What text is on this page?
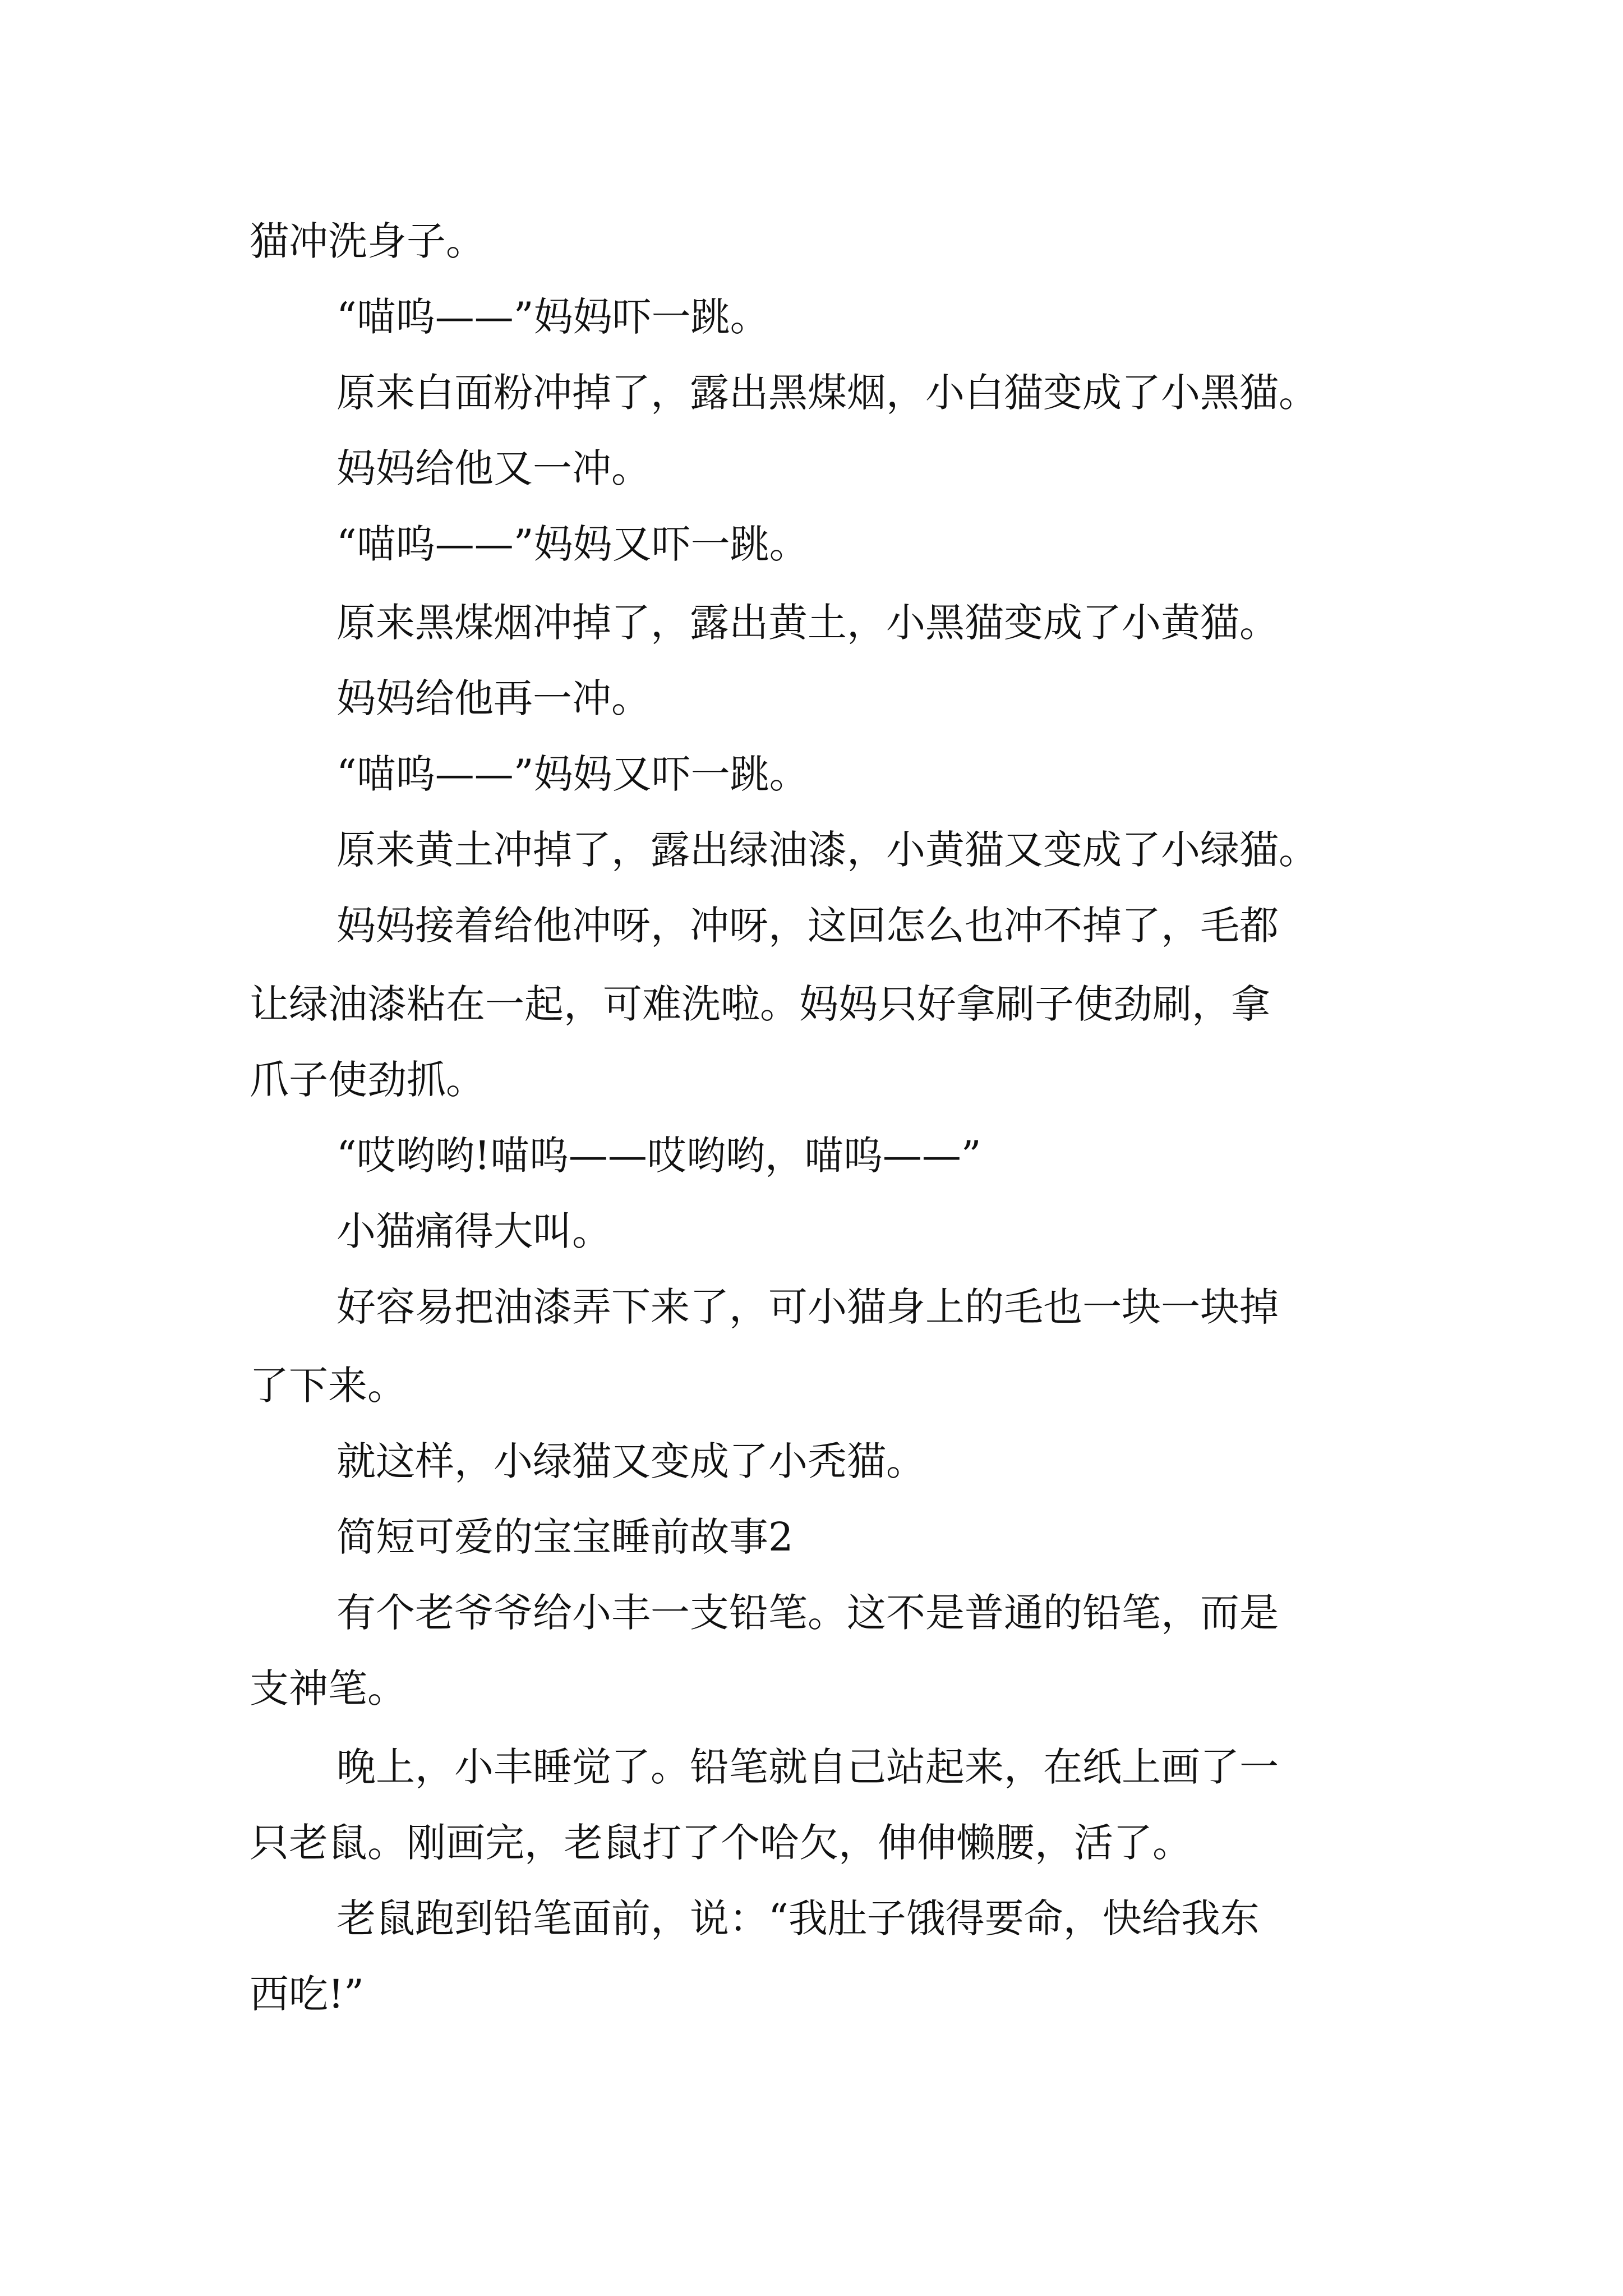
猫冲洗身子。
“喵呜——”妈妈吓一跳。
原来白面粉冲掉了，露出黑煤烟，小白猫变成了小黑猫。
妈妈给他又一冲。
“喵呜——”妈妈又吓一跳。
原来黑煤烟冲掉了，露出黄土，小黑猫变成了小黄猫。
妈妈给他再一冲。
“喵呜——”妈妈又吓一跳。
原来黄土冲掉了，露出绿油漆，小黄猫又变成了小绿猫。
妈妈接着给他冲呀，冲呀，这回怎么也冲不掉了，毛都
让绿油漆粘在一起，可难洗啦。妈妈只好拿刷子使劲刷，拿
爪子使劲抓。
“哎哟哟!喵呜——哎哟哟，喵呜——”
小猫痛得大叫。
好容易把油漆弄下来了，可小猫身上的毛也一块一块掉
了下来。
就这样，小绿猫又变成了小秃猫。
简短可爱的宝宝睡前故事2
有个老爷爷给小丰一支铅笔。这不是普通的铅笔，而是
支神笔。
晚上，小丰睡觉了。铅笔就自己站起来，在纸上画了一
只老鼠。刚画完，老鼠打了个哈欠，伸伸懒腰，活了。
老鼠跑到铅笔面前，说：“我肚子饿得要命，快给我东
西吃!”
